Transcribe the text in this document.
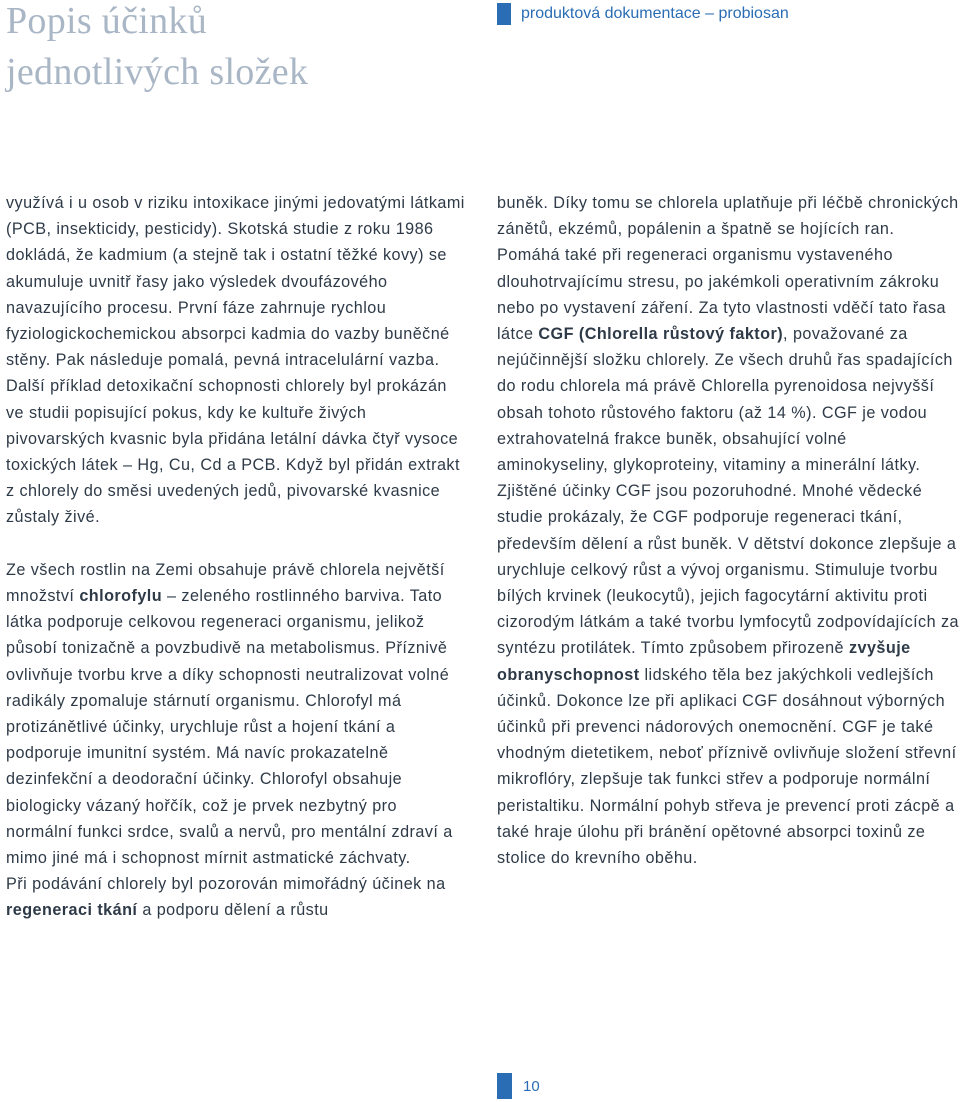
Popis účinků
jednotlivých složek
produktová dokumentace – probiosan

využívá i u osob v riziku intoxikace jinými jedovatými látkami (PCB, insekticidy, pesticidy). Skotská studie z roku 1986 dokládá, že kadmium (a stejně tak i ostatní těžké kovy) se akumuluje uvnitř řasy jako výsledek dvoufázového navazujícího procesu. První fáze zahrnuje rychlou fyziologickochemickou absorpci kadmia do vazby buněčné stěny. Pak následuje pomalá, pevná intracelulární vazba. Další příklad detoxikační schopnosti chlorely byl prokázán ve studii popisující pokus, kdy ke kultuře živých pivovarských kvasnic byla přidána letální dávka čtyř vysoce toxických látek – Hg, Cu, Cd a PCB. Když byl přidán extrakt z chlorely do směsi uvedených jedů, pivovarské kvasnice zůstaly živé.

Ze všech rostlin na Zemi obsahuje právě chlorela největší množství chlorofylu – zeleného rostlinného barviva. Tato látka podporuje celkovou regeneraci organismu, jelikož působí tonizačně a povzbudivě na metabolismus. Příznivě ovlivňuje tvorbu krve a díky schopnosti neutralizovat volné radikály zpomaluje stárnutí organismu. Chlorofyl má protizánětlivé účinky, urychluje růst a hojení tkání a podporuje imunitní systém. Má navíc prokazatelně dezinfekční a deodorační účinky. Chlorofyl obsahuje biologicky vázaný hořčík, což je prvek nezbytný pro normální funkci srdce, svalů a nervů, pro mentální zdraví a mimo jiné má i schopnost mírnit astmatické záchvaty.

Při podávání chlorely byl pozorován mimořádný účinek na regeneraci tkání a podporu dělení a růstu

buněk. Díky tomu se chlorela uplatňuje při léčbě chronických zánětů, ekzémů, popálenin a špatně se hojících ran. Pomáhá také při regeneraci organismu vystaveného dlouhotrvajícímu stresu, po jakémkoli operativním zákroku nebo po vystavení záření. Za tyto vlastnosti vděčí tato řasa látce CGF (Chlorella růstový faktor), považované za nejúčinnější složku chlorely. Ze všech druhů řas spadajících do rodu chlorela má právě Chlorella pyrenoidosa nejvyšší obsah tohoto růstového faktoru (až 14 %). CGF je vodou extrahovatelná frakce buněk, obsahující volné aminokyseliny, glykoproteiny, vitaminy a minerální látky.

Zjištěné účinky CGF jsou pozoruhodné. Mnohé vědecké studie prokázaly, že CGF podporuje regeneraci tkání, především dělení a růst buněk. V dětství dokonce zlepšuje a urychluje celkový růst a vývoj organismu. Stimuluje tvorbu bílých krvinek (leukocytů), jejich fagocytární aktivitu proti cizorodým látkám a také tvorbu lymfocytů zodpovídajících za syntézu protilátek. Tímto způsobem přirozeně zvyšuje obranyschopnost lidského těla bez jakýchkoli vedlejších účinků. Dokonce lze při aplikaci CGF dosáhnout výborných účinků při prevenci nádorových onemocnění. CGF je také vhodným dietetikem, neboť příznivě ovlivňuje složení střevní mikroflóry, zlepšuje tak funkci střev a podporuje normální peristaltiku. Normální pohyb střeva je prevencí proti zácpě a také hraje úlohu při bránění opětovné absorpci toxinů ze stolice do krevního oběhu.

10
